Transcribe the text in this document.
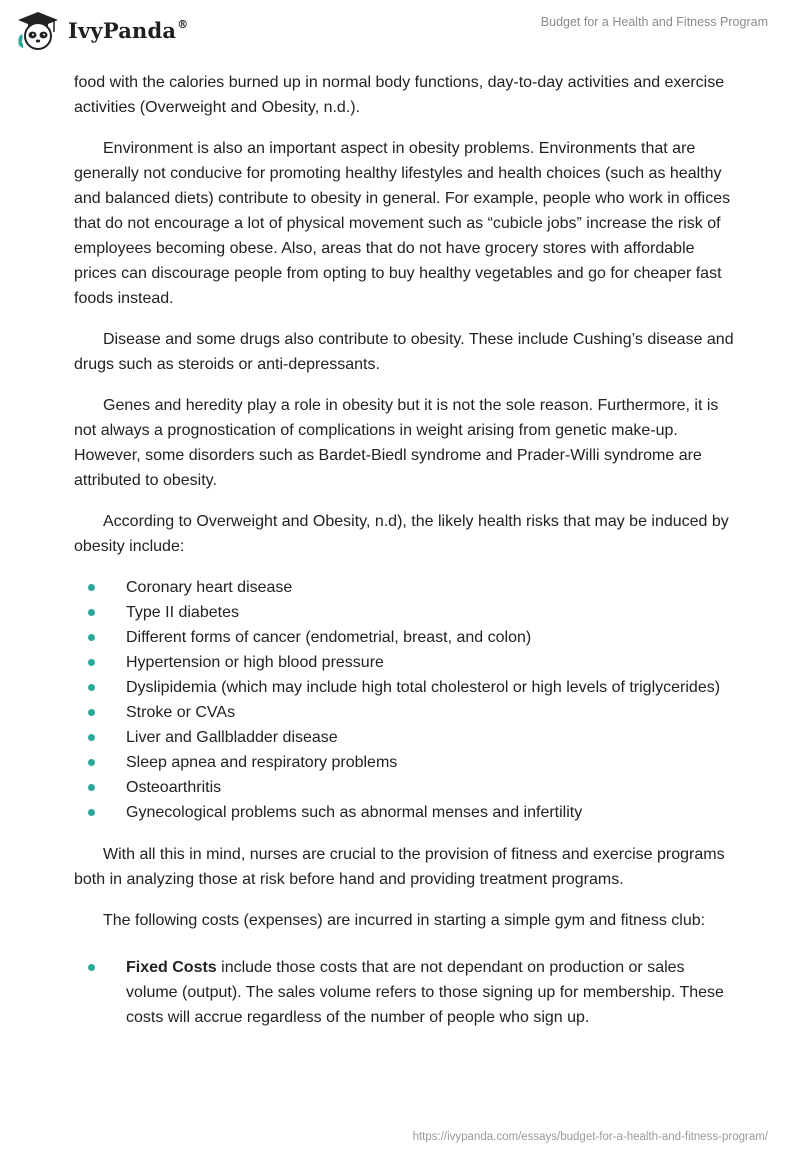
IvyPanda®	Budget for a Health and Fitness Program

food with the calories burned up in normal body functions, day-to-day activities and exercise activities (Overweight and Obesity, n.d.).

Environment is also an important aspect in obesity problems. Environments that are generally not conducive for promoting healthy lifestyles and health choices (such as healthy and balanced diets) contribute to obesity in general. For example, people who work in offices that do not encourage a lot of physical movement such as “cubicle jobs” increase the risk of employees becoming obese. Also, areas that do not have grocery stores with affordable prices can discourage people from opting to buy healthy vegetables and go for cheaper fast foods instead.

Disease and some drugs also contribute to obesity. These include Cushing’s disease and drugs such as steroids or anti-depressants.

Genes and heredity play a role in obesity but it is not the sole reason. Furthermore, it is not always a prognostication of complications in weight arising from genetic make-up. However, some disorders such as Bardet-Biedl syndrome and Prader-Willi syndrome are attributed to obesity.

According to Overweight and Obesity, n.d), the likely health risks that may be induced by obesity include:

Coronary heart disease
Type II diabetes
Different forms of cancer (endometrial, breast, and colon)
Hypertension or high blood pressure
Dyslipidemia (which may include high total cholesterol or high levels of triglycerides)
Stroke or CVAs
Liver and Gallbladder disease
Sleep apnea and respiratory problems
Osteoarthritis
Gynecological problems such as abnormal menses and infertility

With all this in mind, nurses are crucial to the provision of fitness and exercise programs both in analyzing those at risk before hand and providing treatment programs.

The following costs (expenses) are incurred in starting a simple gym and fitness club:

Fixed Costs include those costs that are not dependant on production or sales volume (output). The sales volume refers to those signing up for membership. These costs will accrue regardless of the number of people who sign up.
https://ivypanda.com/essays/budget-for-a-health-and-fitness-program/
